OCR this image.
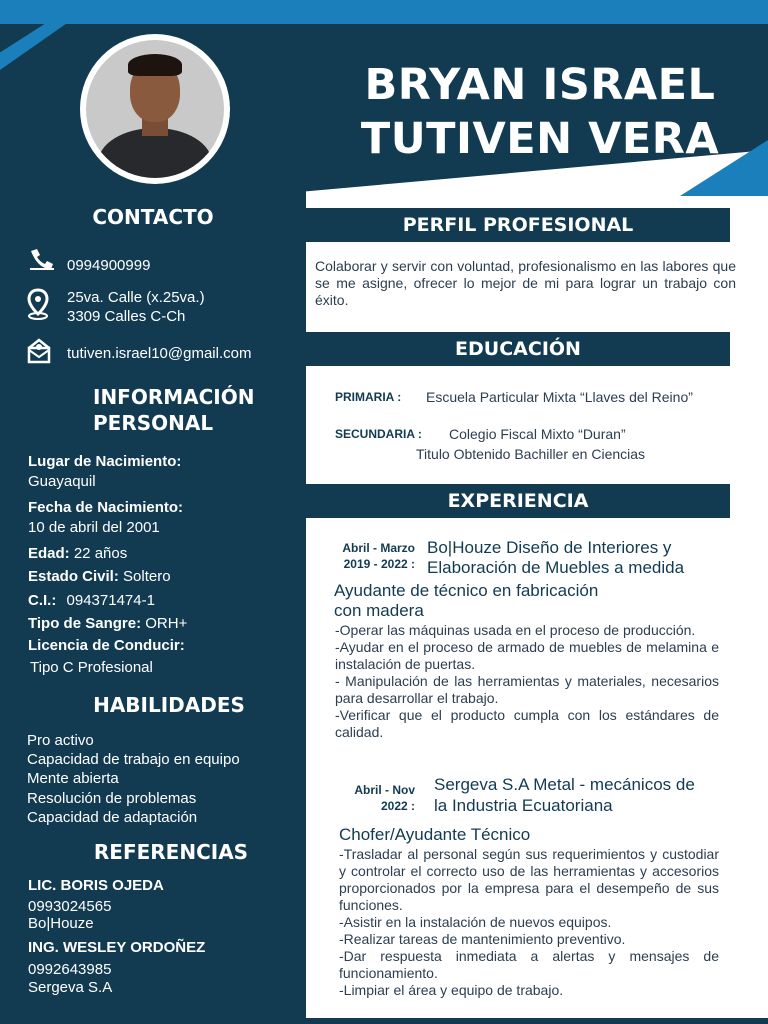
BRYAN ISRAEL
TUTIVEN VERA
CONTACTO
0994900999
25va. Calle (x.25va.)
3309 Calles C-Ch
tutiven.israel10@gmail.com
INFORMACIÓN
PERSONAL
Lugar de Nacimiento:
Guayaquil
Fecha de Nacimiento:
10 de abril del 2001
Edad: 22 años
Estado Civil: Soltero
C.I.: 094371474-1
Tipo de Sangre: ORH+
Licencia de Conducir:
Tipo C Profesional
HABILIDADES
Pro activo
Capacidad de trabajo en equipo
Mente abierta
Resolución de problemas
Capacidad de adaptación
REFERENCIAS
LIC. BORIS OJEDA
0993024565
Bo|Houze
ING. WESLEY ORDOÑEZ
0992643985
Sergeva S.A
PERFIL PROFESIONAL
Colaborar y servir con voluntad, profesionalismo en las labores que se me asigne, ofrecer lo mejor de mi para lograr un trabajo con éxito.
EDUCACIÓN
PRIMARIA : Escuela Particular Mixta “Llaves del Reino”
SECUNDARIA : Colegio Fiscal Mixto “Duran”
Titulo Obtenido Bachiller en Ciencias
EXPERIENCIA
Abril - Marzo
2019 - 2022 :
Bo|Houze Diseño de Interiores y
Elaboración de Muebles a medida
Ayudante de técnico en fabricación
con madera
-Operar las máquinas usada en el proceso de producción.
-Ayudar en el proceso de armado de muebles de melamina e instalación de puertas.
- Manipulación de las herramientas y materiales, necesarios para desarrollar el trabajo.
-Verificar que el producto cumpla con los estándares de calidad.
Abril - Nov
2022 :
Sergeva S.A Metal - mecánicos de
la Industria Ecuatoriana
Chofer/Ayudante Técnico
-Trasladar al personal según sus requerimientos y custodiar y controlar el correcto uso de las herramientas y accesorios proporcionados por la empresa para el desempeño de sus funciones.
-Asistir en la instalación de nuevos equipos.
-Realizar tareas de mantenimiento preventivo.
-Dar respuesta inmediata a alertas y mensajes de funcionamiento.
-Limpiar el área y equipo de trabajo.
